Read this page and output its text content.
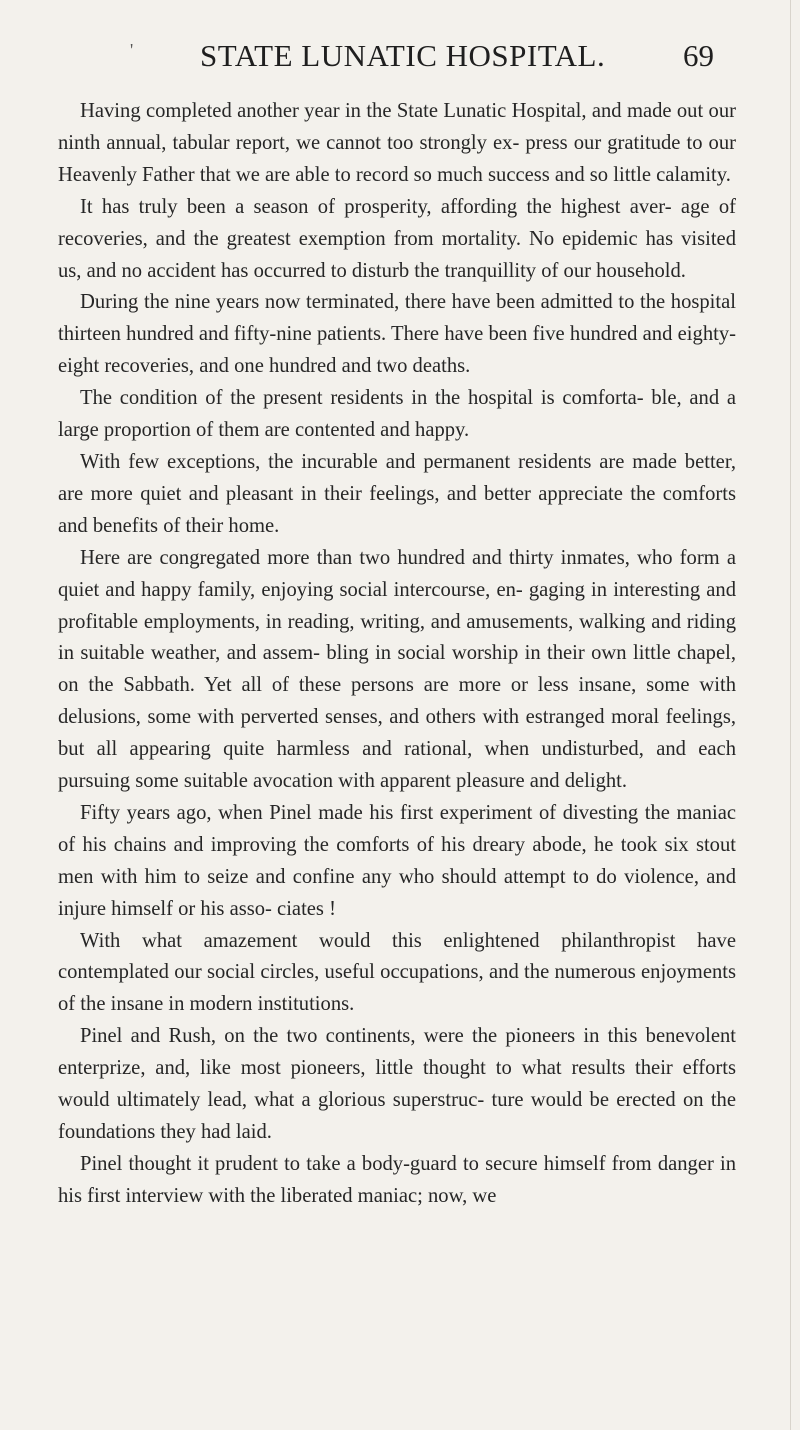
' STATE LUNATIC HOSPITAL.	69

Having completed another year in the State Lunatic Hospital, and made out our ninth annual, tabular report, we cannot too strongly ex- press our gratitude to our Heavenly Father that we are able to record so much success and so little calamity.

It has truly been a season of prosperity, affording the highest aver- age of recoveries, and the greatest exemption from mortality. No epidemic has visited us, and no accident has occurred to disturb the tranquillity of our household.

During the nine years now terminated, there have been admitted to the hospital thirteen hundred and fifty-nine patients. There have been five hundred and eighty-eight recoveries, and one hundred and two deaths.

The condition of the present residents in the hospital is comforta- ble, and a large proportion of them are contented and happy.

With few exceptions, the incurable and permanent residents are made better, are more quiet and pleasant in their feelings, and better appreciate the comforts and benefits of their home.

Here are congregated more than two hundred and thirty inmates, who form a quiet and happy family, enjoying social intercourse, en- gaging in interesting and profitable employments, in reading, writing, and amusements, walking and riding in suitable weather, and assem- bling in social worship in their own little chapel, on the Sabbath. Yet all of these persons are more or less insane, some with delusions, some with perverted senses, and others with estranged moral feelings, but all appearing quite harmless and rational, when undisturbed, and each pursuing some suitable avocation with apparent pleasure and delight.

Fifty years ago, when Pinel made his first experiment of divesting the maniac of his chains and improving the comforts of his dreary abode, he took six stout men with him to seize and confine any who should attempt to do violence, and injure himself or his asso- ciates !

With what amazement would this enlightened philanthropist have contemplated our social circles, useful occupations, and the numerous enjoyments of the insane in modern institutions.

Pinel and Rush, on the two continents, were the pioneers in this benevolent enterprize, and, like most pioneers, little thought to what results their efforts would ultimately lead, what a glorious superstruc- ture would be erected on the foundations they had laid.

Pinel thought it prudent to take a body-guard to secure himself from danger in his first interview with the liberated maniac; now, we
